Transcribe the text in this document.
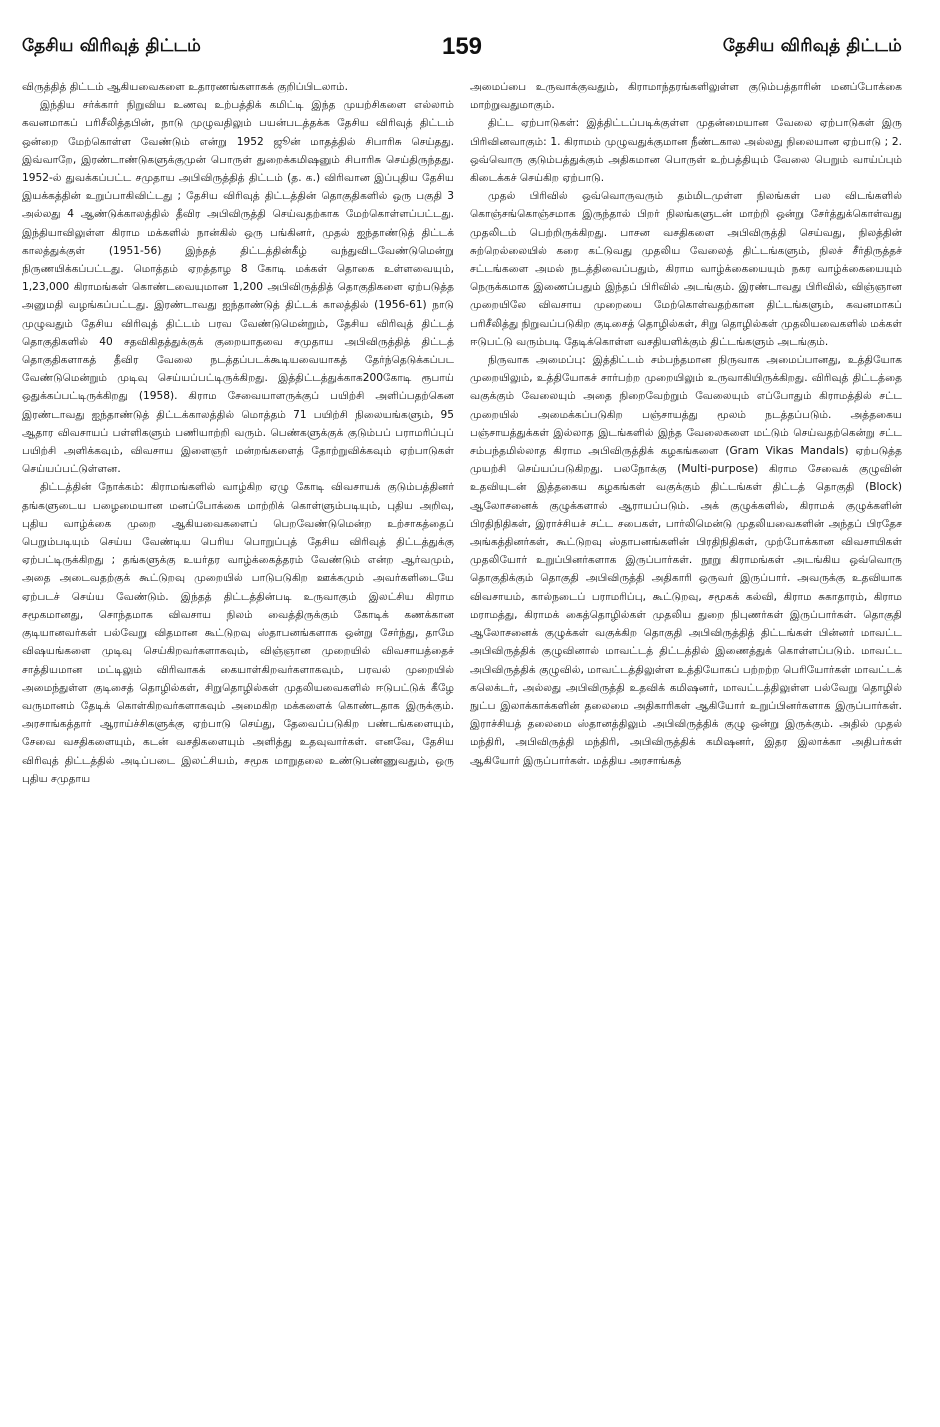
தேசிய விரிவுத் திட்டம்	159	தேசிய விரிவுத் திட்டம்

விருத்தித் திட்டம் ஆகியவைகளை உதாரணங்களாகக் குறிப்பிடலாம்.

இந்திய சர்க்கார் நிறுவிய உணவு உற்பத்திக் கமிட்டி இந்த முயற்சிகளை எல்லாம் கவனமாகப் பரிசீலித்தபின், நாடு முழுவதிலும் பயன்படத்தக்க தேசிய விரிவுத் திட்டம் ஒன்றை மேற்கொள்ள வேண்டும் என்று 1952 ஜூன் மாதத்தில் சிபாரிசு செய்தது. இவ்வாறே, இரண்டாண்டுகளுக்குமுன் பொருள் துறைக்கமிஷனும் சிபாரிசு செய்திருந்தது. 1952-ல் துவக்கப்பட்ட சமுதாய அபிவிருத்தித் திட்டம் (த. க.) விரிவான இப்புதிய தேசிய இயக்கத்தின் உறுப்பாகிவிட்டது ; தேசிய விரிவுத் திட்டத்தின் தொகுதிகளில் ஒரு பகுதி 3 அல்லது 4 ஆண்டுக்காலத்தில் தீவிர அபிவிருத்தி செய்வதற்காக மேற்கொள்ளப்பட்டது. இந்தியாவிலுள்ள கிராம மக்களில் நான்கில் ஒரு பங்கினர், முதல் ஐந்தாண்டுத் திட்டக் காலத்துக்குள் (1951-56) இந்தத் திட்டத்தின்கீழ் வந்துவிடவேண்டுமென்று நிருணயிக்கப்பட்டது. மொத்தம் ஏறத்தாழ 8 கோடி மக்கள் தொகை உள்ளவையும், 1,23,000 கிராமங்கள் கொண்டவையுமான 1,200 அபிவிருத்தித் தொகுதிகளை ஏற்படுத்த அனுமதி வழங்கப்பட்டது. இரண்டாவது ஐந்தாண்டுத் திட்டக் காலத்தில் (1956-61) நாடு முழுவதும் தேசிய விரிவுத் திட்டம் பரவ வேண்டுமென்றும், தேசிய விரிவுத் திட்டத் தொகுதிகளில் 40 சதவிகிதத்துக்குக் குறையாதவை சமுதாய அபிவிருத்தித் திட்டத் தொகுதிகளாகத் தீவிர வேலை நடத்தப்படக்கூடியவையாகத் தேர்ந்தெடுக்கப்பட வேண்டுமென்றும் முடிவு செய்யப்பட்டிருக்கிறது. இத்திட்டத்துக்காக200கோடி ரூபாய் ஒதுக்கப்பட்டிருக்கிறது (1958). கிராம சேவையாளருக்குப் பயிற்சி அளிப்பதற்கென இரண்டாவது ஐந்தாண்டுத் திட்டக்காலத்தில் மொத்தம் 71 பயிற்சி நிலையங்களும், 95 ஆதார விவசாயப் பள்ளிகளும் பணியாற்றி வரும். பெண்களுக்குக் குடும்பப் பராமரிப்புப் பயிற்சி அளிக்கவும், விவசாய இளைஞர் மன்றங்களைத் தோற்றுவிக்கவும் ஏற்பாடுகள் செய்யப்பட்டுள்ளன.

திட்டத்தின் நோக்கம்: கிராமங்களில் வாழ்கிற ஏழு கோடி விவசாயக் குடும்பத்தினர் தங்களுடைய பழைமையான மனப்போக்கை மாற்றிக் கொள்ளும்படியும், புதிய அறிவு, புதிய வாழ்க்கை முறை ஆகியவைகளைப் பெறவேண்டுமென்ற உற்சாகத்தைப் பெறும்படியும் செய்ய வேண்டிய பெரிய பொறுப்புத் தேசிய விரிவுத் திட்டத்துக்கு ஏற்பட்டிருக்கிறது ; தங்களுக்கு உயர்தர வாழ்க்கைத்தரம் வேண்டும் என்ற ஆர்வமும், அதை அடைவதற்குக் கூட்டுறவு முறையில் பாடுபடுகிற ஊக்கமும் அவர்களிடையே ஏற்படச் செய்ய வேண்டும். இந்தத் திட்டத்தின்படி உருவாகும் இலட்சிய கிராம சமூகமானது, சொந்தமாக விவசாய நிலம் வைத்திருக்கும் கோடிக் கணக்கான குடியானவர்கள் பல்வேறு விதமான கூட்டுறவு ஸ்தாபனங்களாக ஒன்று சேர்ந்து, தாமே விஷயங்களை முடிவு செய்கிறவர்களாகவும், விஞ்ஞான முறையில் விவசாயத்தைச் சாத்தியமான மட்டிலும் விரிவாகக் கையாள்கிறவர்களாகவும், பரவல் முறையில் அமைந்துள்ள குடிசைத் தொழில்கள், சிறுதொழில்கள் முதலியவைகளில் ஈடுபட்டுக் கீழே வருமானம் தேடிக் கொள்கிறவர்களாகவும் அமைகிற மக்களைக் கொண்டதாக இருக்கும். அரசாங்கத்தார் ஆராய்ச்சிகளுக்கு ஏற்பாடு செய்து, தேவைப்படுகிற பண்டங்களையும், சேவை வசதிகளையும், கடன் வசதிகளையும் அளித்து உதவுவார்கள். எனவே, தேசிய விரிவுத் திட்டத்தில் அடிப்படை இலட்சியம், சமூக மாறுதலை உண்டுபண்ணுவதும், ஒரு புதிய சமுதாய

அமைப்பை உருவாக்குவதும், கிராமாந்தரங்களிலுள்ள குடும்பத்தாரின் மனப்போக்கை மாற்றுவதுமாகும்.

திட்ட ஏற்பாடுகள்: இத்திட்டப்படிக்குள்ள முதன்மையான வேலை ஏற்பாடுகள் இரு பிரிவினவாகும்: 1. கிராமம் முழுவதுக்குமான நீண்டகால அல்லது நிலையான ஏற்பாடு ; 2. ஒவ்வொரு குடும்பத்துக்கும் அதிகமான பொருள் உற்பத்தியும் வேலை பெறும் வாய்ப்பும் கிடைக்கச் செய்கிற ஏற்பாடு.

முதல் பிரிவில் ஒவ்வொருவரும் தம்மிடமுள்ள நிலங்கள் பல விடங்களில் கொஞ்சங்கொஞ்சமாக இருந்தால் பிறர் நிலங்களுடன் மாற்றி ஒன்று சேர்த்துக்கொள்வது முதலிடம் பெற்றிருக்கிறது. பாசன வசதிகளை அபிவிருத்தி செய்வது, நிலத்தின் சுற்றெல்லையில் கரை கட்டுவது முதலிய வேலைத் திட்டங்களும், நிலச் சீர்திருத்தச் சட்டங்களை அமல் நடத்திவைப்பதும், கிராம வாழ்க்கையையும் நகர வாழ்க்கையையும் நெருக்கமாக இணைப்பதும் இந்தப் பிரிவில் அடங்கும். இரண்டாவது பிரிவில், விஞ்ஞான முறையிலே விவசாய முறையை மேற்கொள்வதற்கான திட்டங்களும், கவனமாகப் பரிசீலித்து நிறுவப்படுகிற குடிசைத் தொழில்கள், சிறு தொழில்கள் முதலியவைகளில் மக்கள் ஈடுபட்டு வரும்படி தேடிக்கொள்ள வசதியளிக்கும் திட்டங்களும் அடங்கும்.

நிருவாக அமைப்பு: இத்திட்டம் சம்பந்தமான நிருவாக அமைப்பானது, உத்தியோக முறையிலும், உத்தியோகச் சார்பற்ற முறையிலும் உருவாகியிருக்கிறது. விரிவுத் திட்டத்தை வகுக்கும் வேலையும் அதை நிறைவேற்றும் வேலையும் எப்போதும் கிராமத்தில் சட்ட முறையில் அமைக்கப்படுகிற பஞ்சாயத்து மூலம் நடத்தப்படும். அத்தகைய பஞ்சாயத்துக்கள் இல்லாத இடங்களில் இந்த வேலைகளை மட்டும் செய்வதற்கென்று சட்ட சம்பந்தமில்லாத கிராம அபிவிருத்திக் கழகங்களை (Gram Vikas Mandals) ஏற்படுத்த முயற்சி செய்யப்படுகிறது. பலநோக்கு (Multi-purpose) கிராம சேவைக் குழுவின் உதவியுடன் இத்தகைய கழகங்கள் வகுக்கும் திட்டங்கள் திட்டத் தொகுதி (Block) ஆலோசனைக் குழுக்களால் ஆராயப்படும். அக் குழுக்களில், கிராமக் குழுக்களின் பிரதிநிதிகள், இராச்சியச் சட்ட சபைகள், பார்லிமென்டு முதலியவைகளின் அந்தப் பிரதேச அங்கத்தினர்கள், கூட்டுறவு ஸ்தாபனங்களின் பிரதிநிதிகள், முற்போக்கான விவசாயிகள் முதலியோர் உறுப்பினர்களாக இருப்பார்கள். நூறு கிராமங்கள் அடங்கிய ஒவ்வொரு தொகுதிக்கும் தொகுதி அபிவிருத்தி அதிகாரி ஒருவர் இருப்பார். அவருக்கு உதவியாக விவசாயம், கால்நடைப் பராமரிப்பு, கூட்டுறவு, சமூகக் கல்வி, கிராம சுகாதாரம், கிராம மராமத்து, கிராமக் கைத்தொழில்கள் முதலிய துறை நிபுணர்கள் இருப்பார்கள். தொகுதி ஆலோசனைக் குழுக்கள் வகுக்கிற தொகுதி அபிவிருத்தித் திட்டங்கள் பின்னர் மாவட்ட அபிவிருத்திக் குழுவினால் மாவட்டத் திட்டத்தில் இணைத்துக் கொள்ளப்படும். மாவட்ட அபிவிருத்திக் குழுவில், மாவட்டத்திலுள்ள உத்தியோகப் பற்றற்ற பெரியோர்கள் மாவட்டக் கலெக்டர், அல்லது அபிவிருத்தி உதவிக் கமிஷனர், மாவட்டத்திலுள்ள பல்வேறு தொழில் நுட்ப இலாக்காக்களின் தலைமை அதிகாரிகள் ஆகியோர் உறுப்பினர்களாக இருப்பார்கள். இராச்சியத் தலைமை ஸ்தானத்திலும் அபிவிருத்திக் குழு ஒன்று இருக்கும். அதில் முதல் மந்திரி, அபிவிருத்தி மந்திரி, அபிவிருத்திக் கமிஷனர், இதர இலாக்கா அதிபர்கள் ஆகியோர் இருப்பார்கள். மத்திய அரசாங்கத்
